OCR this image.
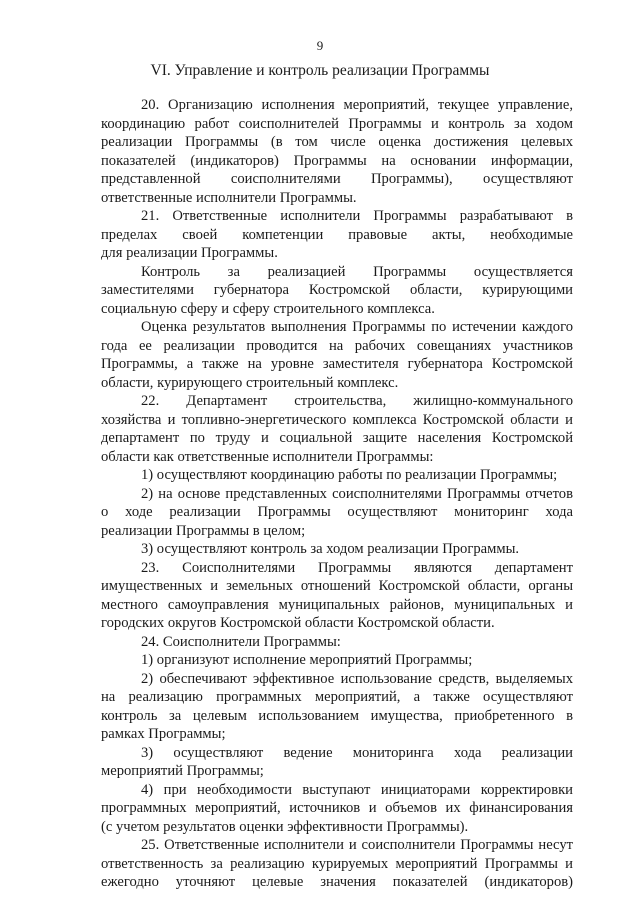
9
VI. Управление и контроль реализации Программы
20. Организацию исполнения мероприятий, текущее управление,
координацию работ соисполнителей Программы и контроль за ходом
реализации Программы (в том числе оценка достижения целевых
показателей (индикаторов) Программы на основании информации,
представленной соисполнителями Программы), осуществляют
ответственные исполнители Программы.
21. Ответственные исполнители Программы разрабатывают в
пределах своей компетенции правовые акты, необходимые
для реализации Программы.
Контроль за реализацией Программы осуществляется
заместителями губернатора Костромской области, курирующими
социальную сферу и сферу строительного комплекса.
Оценка результатов выполнения Программы по истечении каждого
года ее реализации проводится на рабочих совещаниях участников
Программы, а также на уровне заместителя губернатора Костромской
области, курирующего строительный комплекс.
22. Департамент строительства, жилищно-коммунального
хозяйства и топливно-энергетического комплекса Костромской области и
департамент по труду и социальной защите населения Костромской
области как ответственные исполнители Программы:
1) осуществляют координацию работы по реализации Программы;
2) на основе представленных соисполнителями Программы отчетов
о ходе реализации Программы осуществляют мониторинг хода
реализации Программы в целом;
3) осуществляют контроль за ходом реализации Программы.
23. Соисполнителями Программы являются департамент
имущественных и земельных отношений Костромской области, органы
местного самоуправления муниципальных районов, муниципальных и
городских округов Костромской области Костромской области.
24. Соисполнители Программы:
1) организуют исполнение мероприятий Программы;
2) обеспечивают эффективное использование средств, выделяемых
на реализацию программных мероприятий, а также осуществляют
контроль за целевым использованием имущества, приобретенного в
рамках Программы;
3) осуществляют ведение мониторинга хода реализации
мероприятий Программы;
4) при необходимости выступают инициаторами корректировки
программных мероприятий, источников и объемов их финансирования
(с учетом результатов оценки эффективности Программы).
25. Ответственные исполнители и соисполнители Программы несут
ответственность за реализацию курируемых мероприятий Программы и
ежегодно уточняют целевые значения показателей (индикаторов)
